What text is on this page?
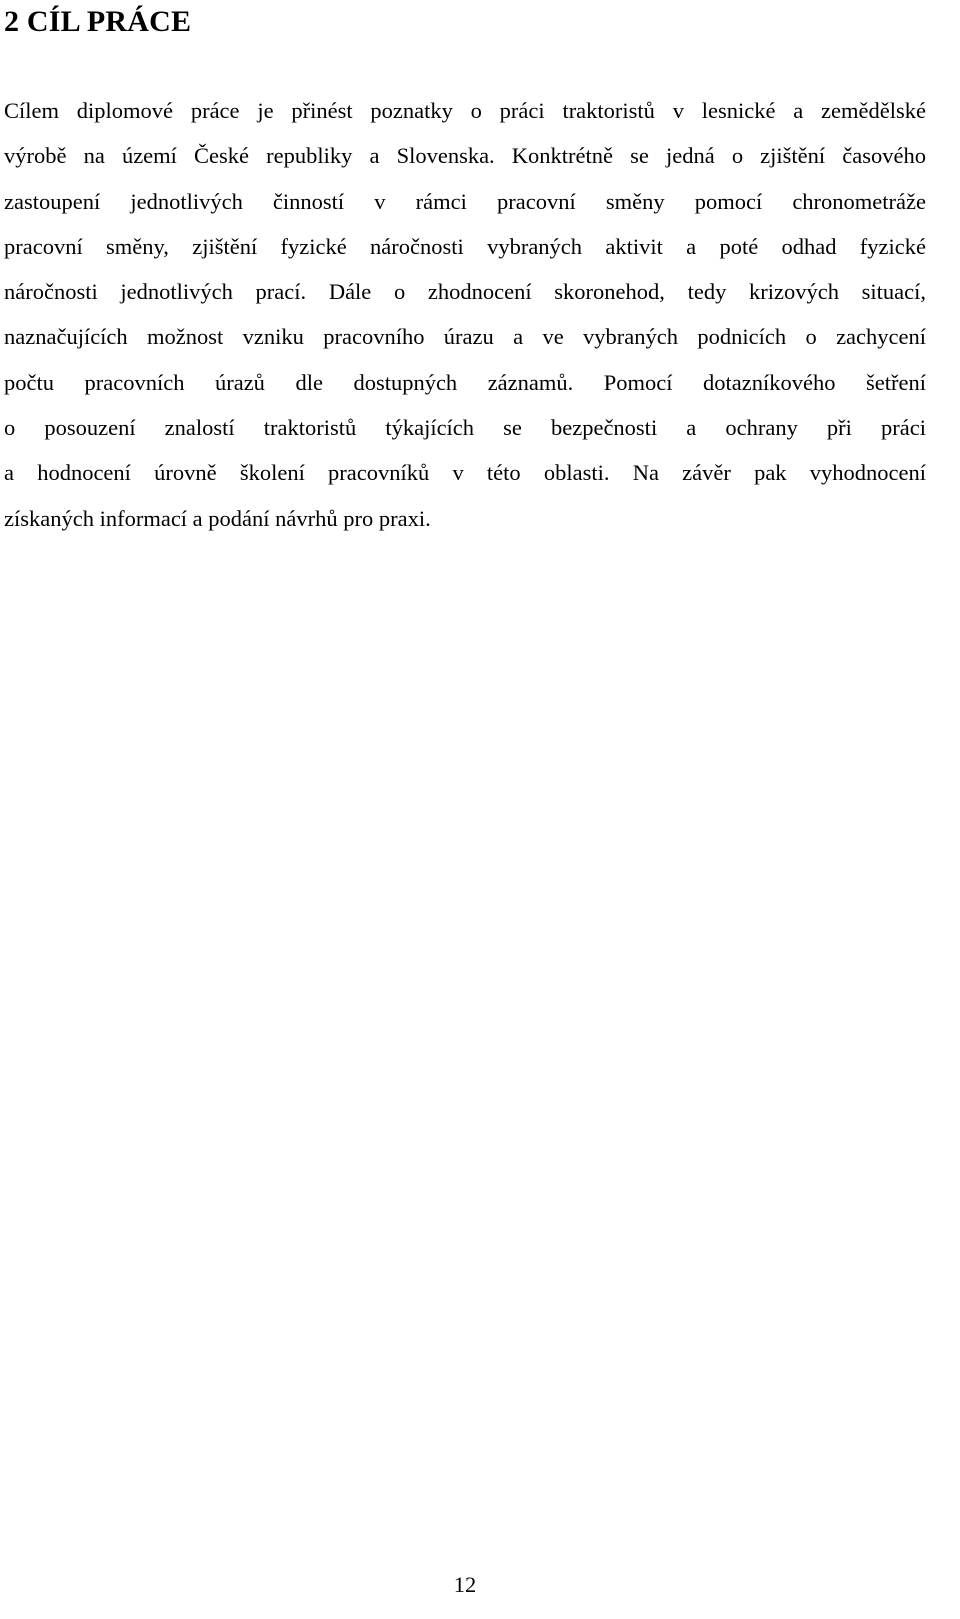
2 CÍL PRÁCE

Cílem diplomové práce je přinést poznatky o práci traktoristů v lesnické a zemědělské
výrobě na území České republiky a Slovenska. Konktrétně se jedná o zjištění časového
zastoupení jednotlivých činností v rámci pracovní směny pomocí chronometráže
pracovní směny, zjištění fyzické náročnosti vybraných aktivit a poté odhad fyzické
náročnosti jednotlivých prací. Dále o zhodnocení skoronehod, tedy krizových situací,
naznačujících možnost vzniku pracovního úrazu a ve vybraných podnicích o zachycení
počtu pracovních úrazů dle dostupných záznamů. Pomocí dotazníkového šetření
o posouzení znalostí traktoristů týkajících se bezpečnosti a ochrany při práci
a hodnocení úrovně školení pracovníků v této oblasti. Na závěr pak vyhodnocení
získaných informací a podání návrhů pro praxi.

12
